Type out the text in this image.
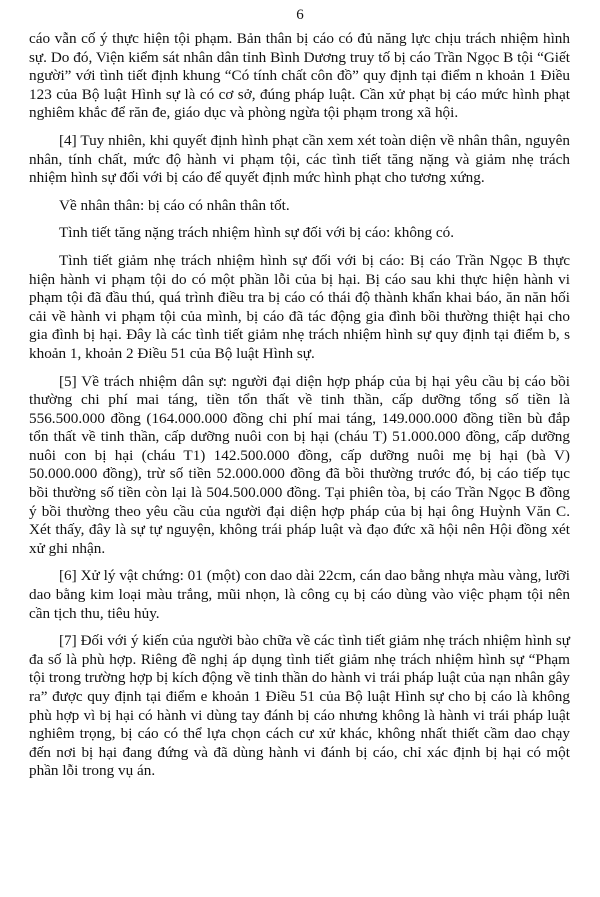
6

cáo vẫn cố ý thực hiện tội phạm. Bản thân bị cáo có đủ năng lực chịu trách nhiệm hình sự. Do đó, Viện kiểm sát nhân dân tỉnh Bình Dương truy tố bị cáo Trần Ngọc B tội “Giết người” với tình tiết định khung “Có tính chất côn đồ” quy định tại điểm n khoản 1 Điều 123 của Bộ luật Hình sự là có cơ sở, đúng pháp luật. Cần xử phạt bị cáo mức hình phạt nghiêm khắc để răn đe, giáo dục và phòng ngừa tội phạm trong xã hội.

[4] Tuy nhiên, khi quyết định hình phạt cần xem xét toàn diện về nhân thân, nguyên nhân, tính chất, mức độ hành vi phạm tội, các tình tiết tăng nặng và giảm nhẹ trách nhiệm hình sự đối với bị cáo để quyết định mức hình phạt cho tương xứng.

Về nhân thân: bị cáo có nhân thân tốt.

Tình tiết tăng nặng trách nhiệm hình sự đối với bị cáo: không có.

Tình tiết giảm nhẹ trách nhiệm hình sự đối với bị cáo: Bị cáo Trần Ngọc B thực hiện hành vi phạm tội do có một phần lỗi của bị hại. Bị cáo sau khi thực hiện hành vi phạm tội đã đầu thú, quá trình điều tra bị cáo có thái độ thành khẩn khai báo, ăn năn hối cải về hành vi phạm tội của mình, bị cáo đã tác động gia đình bồi thường thiệt hại cho gia đình bị hại. Đây là các tình tiết giảm nhẹ trách nhiệm hình sự quy định tại điểm b, s khoản 1, khoản 2 Điều 51 của Bộ luật Hình sự.

[5] Về trách nhiệm dân sự: người đại diện hợp pháp của bị hại yêu cầu bị cáo bồi thường chi phí mai táng, tiền tổn thất về tinh thần, cấp dưỡng tổng số tiền là 556.500.000 đồng (164.000.000 đồng chi phí mai táng, 149.000.000 đồng tiền bù đắp tổn thất về tinh thần, cấp dưỡng nuôi con bị hại (cháu T) 51.000.000 đồng, cấp dưỡng nuôi con bị hại (cháu T1) 142.500.000 đồng, cấp dưỡng nuôi mẹ bị hại (bà V) 50.000.000 đồng), trừ số tiền 52.000.000 đồng đã bồi thường trước đó, bị cáo tiếp tục bồi thường số tiền còn lại là 504.500.000 đồng. Tại phiên tòa, bị cáo Trần Ngọc B đồng ý bồi thường theo yêu cầu của người đại diện hợp pháp của bị hại ông Huỳnh Văn C. Xét thấy, đây là sự tự nguyện, không trái pháp luật và đạo đức xã hội nên Hội đồng xét xử ghi nhận.

[6] Xử lý vật chứng: 01 (một) con dao dài 22cm, cán dao bằng nhựa màu vàng, lưỡi dao bằng kim loại màu trắng, mũi nhọn, là công cụ bị cáo dùng vào việc phạm tội nên cần tịch thu, tiêu hủy.

[7] Đối với ý kiến của người bào chữa về các tình tiết giảm nhẹ trách nhiệm hình sự đa số là phù hợp. Riêng đề nghị áp dụng tình tiết giảm nhẹ trách nhiệm hình sự “Phạm tội trong trường hợp bị kích động về tinh thần do hành vi trái pháp luật của nạn nhân gây ra” được quy định tại điểm e khoản 1 Điều 51 của Bộ luật Hình sự cho bị cáo là không phù hợp vì bị hại có hành vi dùng tay đánh bị cáo nhưng không là hành vi trái pháp luật nghiêm trọng, bị cáo có thể lựa chọn cách cư xử khác, không nhất thiết cầm dao chạy đến nơi bị hại đang đứng và đã dùng hành vi đánh bị cáo, chỉ xác định bị hại có một phần lỗi trong vụ án.
